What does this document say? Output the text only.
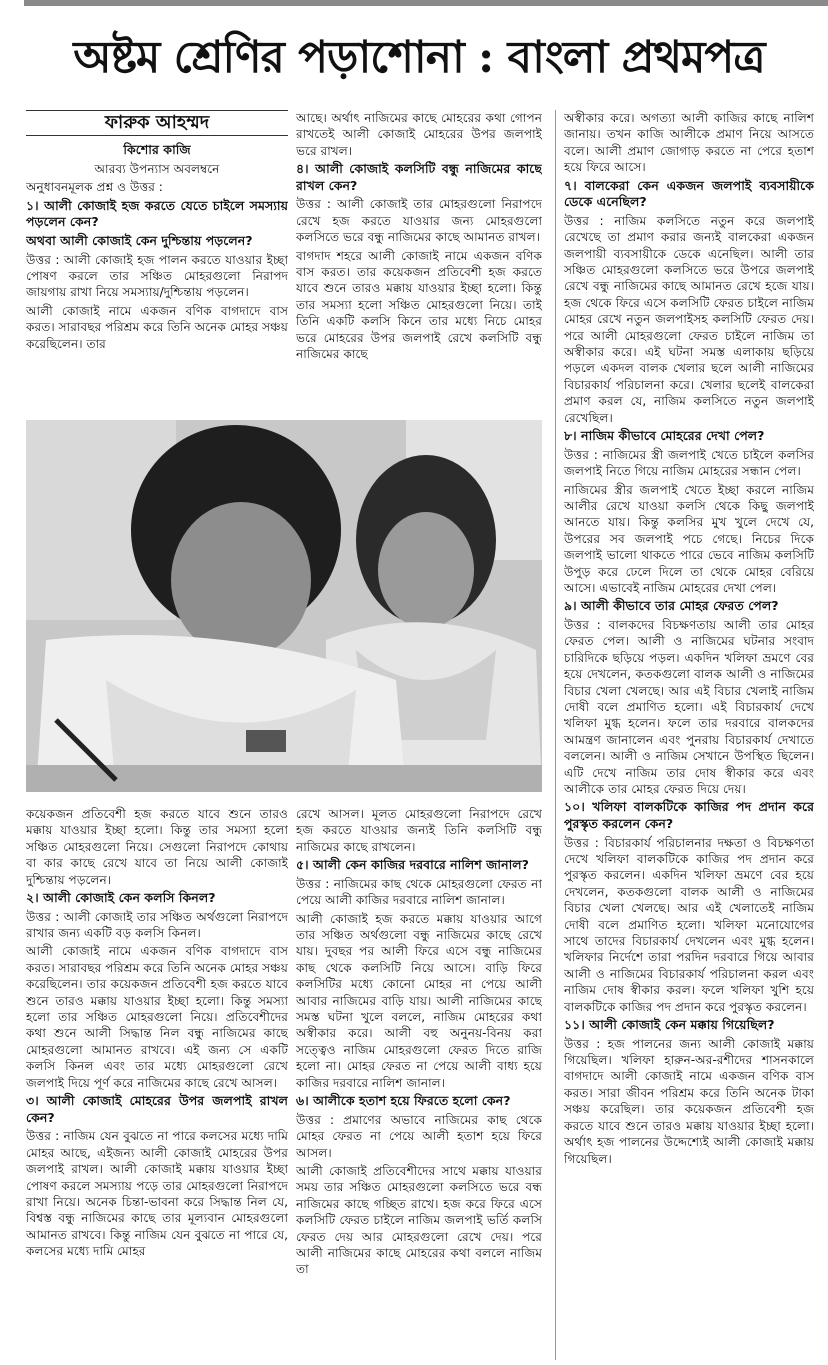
অষ্টম শ্রেণির পড়াশোনা : বাংলা প্রথমপত্র
ফারুক আহম্মদ

কিশোর কাজি

আরব্য উপন্যাস অবলম্বনে

অনুধাবনমূলক প্রশ্ন ও উত্তর :

১। আলী কোজাই হজ করতে যেতে চাইলে সমস্যায় পড়লেন কেন?

অথবা আলী কোজাই কেন দুশ্চিন্তায় পড়লেন?

উত্তর : আলী কোজাই হজ পালন করতে যাওয়ার ইচ্ছা পোষণ করলে তার সঞ্চিত মোহরগুলো নিরাপদ জায়গায় রাখা নিয়ে সমস্যায়/দুশ্চিন্তায় পড়লেন।

আলী কোজাই নামে একজন বণিক বাগদাদে বাস করত। সারাবছর পরিশ্রম করে তিনি অনেক মোহর সঞ্চয় করেছিলেন। তার

আছে। অর্থাৎ নাজিমের কাছে মোহরের কথা গোপন রাখতেই আলী কোজাই মোহরের উপর জলপাই ভরে রাখল।

৪। আলী কোজাই কলসিটি বন্ধু নাজিমের কাছে রাখল কেন?

উত্তর : আলী কোজাই তার মোহরগুলো নিরাপদে রেখে হজ করতে যাওয়ার জন্য মোহরগুলো কলসিতে ভরে বন্ধু নাজিমের কাছে আমানত রাখল।

বাগদাদ শহরে আলী কোজাই নামে একজন বণিক বাস করত। তার কয়েকজন প্রতিবেশী হজ করতে যাবে শুনে তারও মক্কায় যাওয়ার ইচ্ছা হলো। কিন্তু তার সমস্যা হলো সঞ্চিত মোহরগুলো নিয়ে। তাই তিনি একটি কলসি কিনে তার মধ্যে নিচে মোহর ভরে মোহরের উপর জলপাই রেখে কলসিটি বন্ধু নাজিমের কাছে

কয়েকজন প্রতিবেশী হজ করতে যাবে শুনে তারও মক্কায় যাওয়ার ইচ্ছা হলো। কিন্তু তার সমস্যা হলো সঞ্চিত মোহরগুলো নিয়ে। সেগুলো নিরাপদে কোথায় বা কার কাছে রেখে যাবে তা নিয়ে আলী কোজাই দুশ্চিন্তায় পড়লেন।

২। আলী কোজাই কেন কলসি কিনল?

উত্তর : আলী কোজাই তার সঞ্চিত অর্থগুলো নিরাপদে রাখার জন্য একটি বড় কলসি কিনল।

আলী কোজাই নামে একজন বণিক বাগদাদে বাস করত। সারাবছর পরিশ্রম করে তিনি অনেক মোহর সঞ্চয় করেছিলেন। তার কয়েকজন প্রতিবেশী হজ করতে যাবে শুনে তারও মক্কায় যাওয়ার ইচ্ছা হলো। কিন্তু সমস্যা হলো তার সঞ্চিত মোহরগুলো নিয়ে। প্রতিবেশীদের কথা শুনে আলী সিদ্ধান্ত নিল বন্ধু নাজিমের কাছে মোহরগুলো আমানত রাখবে। এই জন্য সে একটি কলসি কিনল এবং তার মধ্যে মোহরগুলো রেখে জলপাই দিয়ে পূর্ণ করে নাজিমের কাছে রেখে আসল।

৩। আলী কোজাই মোহরের উপর জলপাই রাখল কেন?

উত্তর : নাজিম যেন বুঝতে না পারে কলসের মধ্যে দামি মোহর আছে, এইজন্য আলী কোজাই মোহরের উপর জলপাই রাখল। আলী কোজাই মক্কায় যাওয়ার ইচ্ছা পোষণ করলে সমস্যায় পড়ে তার মোহরগুলো নিরাপদে রাখা নিয়ে। অনেক চিন্তা-ভাবনা করে সিদ্ধান্ত নিল যে, বিশ্বস্ত বন্ধু নাজিমের কাছে তার মূল্যবান মোহরগুলো আমানত রাখবে। কিন্তু নাজিম যেন বুঝতে না পারে যে, কলসের মধ্যে দামি মোহর

রেখে আসল। মূলত মোহরগুলো নিরাপদে রেখে হজ করতে যাওয়ার জন্যই তিনি কলসিটি বন্ধু নাজিমের কাছে রাখলেন।

৫। আলী কেন কাজির দরবারে নালিশ জানাল?

উত্তর : নাজিমের কাছ থেকে মোহরগুলো ফেরত না পেয়ে আলী কাজির দরবারে নালিশ জানাল।

আলী কোজাই হজ করতে মক্কায় যাওয়ার আগে তার সঞ্চিত অর্থগুলো বন্ধু নাজিমের কাছে রেখে যায়। দুবছর পর আলী ফিরে এসে বন্ধু নাজিমের কাছ থেকে কলসিটি নিয়ে আসে। বাড়ি ফিরে কলসিটির মধ্যে কোনো মোহর না পেয়ে আলী আবার নাজিমের বাড়ি যায়। আলী নাজিমের কাছে সমস্ত ঘটনা খুলে বললে, নাজিম মোহরের কথা অস্বীকার করে। আলী বহু অনুনয়-বিনয় করা সত্ত্বেও নাজিম মোহরগুলো ফেরত দিতে রাজি হলো না। মোহর ফেরত না পেয়ে আলী বাধ্য হয়ে কাজির দরবারে নালিশ জানাল।

৬। আলীকে হতাশ হয়ে ফিরতে হলো কেন?

উত্তর : প্রমাণের অভাবে নাজিমের কাছ থেকে মোহর ফেরত না পেয়ে আলী হতাশ হয়ে ফিরে আসল।

আলী কোজাই প্রতিবেশীদের সাথে মক্কায় যাওয়ার সময় তার সঞ্চিত মোহরগুলো কলসিতে ভরে বন্ধ নাজিমের কাছে গচ্ছিত রাখে। হজ করে ফিরে এসে কলসিটি ফেরত চাইলে নাজিম জলপাই ভর্তি কলসি ফেরত দেয় আর মোহরগুলো রেখে দেয়। পরে আলী নাজিমের কাছে মোহরের কথা বললে নাজিম তা

অস্বীকার করে। অগত্যা আলী কাজির কাছে নালিশ জানায়। তখন কাজি আলীকে প্রমাণ নিয়ে আসতে বলে। আলী প্রমাণ জোগাড় করতে না পেরে হতাশ হয়ে ফিরে আসে।

৭। বালকেরা কেন একজন জলপাই ব্যবসায়ীকে ডেকে এনেছিল?

উত্তর : নাজিম কলসিতে নতুন করে জলপাই রেখেছে তা প্রমাণ করার জন্যই বালকেরা একজন জলপায়ী ব্যবসায়ীকে ডেকে এনেছিল। আলী তার সঞ্চিত মোহরগুলো কলসিতে ভরে উপরে জলপাই রেখে বন্ধু নাজিমের কাছে আমানত রেখে হজে যায়। হজ থেকে ফিরে এসে কলসিটি ফেরত চাইলে নাজিম মোহর রেখে নতুন জলপাইসহ কলসিটি ফেরত দেয়। পরে আলী মোহরগুলো ফেরত চাইলে নাজিম তা অস্বীকার করে। এই ঘটনা সমস্ত এলাকায় ছড়িয়ে পড়লে একদল বালক খেলার ছলে আলী নাজিমের বিচারকার্য পরিচালনা করে। খেলার ছলেই বালকেরা প্রমাণ করল যে, নাজিম কলসিতে নতুন জলপাই রেখেছিল।

৮। নাজিম কীভাবে মোহরের দেখা পেল?

উত্তর : নাজিমের স্ত্রী জলপাই খেতে চাইলে কলসির জলপাই নিতে গিয়ে নাজিম মোহরের সন্ধান পেল।

নাজিমের স্ত্রীর জলপাই খেতে ইচ্ছা করলে নাজিম আলীর রেখে যাওয়া কলসি থেকে কিছু জলপাই আনতে যায়। কিন্তু কলসির মুখ খুলে দেখে যে, উপরের সব জলপাই পচে গেছে। নিচের দিকে জলপাই ভালো থাকতে পারে ভেবে নাজিম কলসিটি উপুড় করে ঢেলে দিলে তা থেকে মোহর বেরিয়ে আসে। এভাবেই নাজিম মোহরের দেখা পেল।

৯। আলী কীভাবে তার মোহর ফেরত পেল?

উত্তর : বালকদের বিচক্ষণতায় আলী তার মোহর ফেরত পেল। আলী ও নাজিমের ঘটনার সংবাদ চারিদিকে ছড়িয়ে পড়ল। একদিন খলিফা ভ্রমণে বের হয়ে দেখলেন, কতকগুলো বালক আলী ও নাজিমের বিচার খেলা খেলছে। আর এই বিচার খেলাই নাজিম দোষী বলে প্রমাণিত হলো। এই বিচারকার্য দেখে খলিফা মুগ্ধ হলেন। ফলে তার দরবারে বালকদের আমন্ত্রণ জানালেন এবং পুনরায় বিচারকার্য দেখাতে বললেন। আলী ও নাজিম সেখানে উপস্থিত ছিলেন। এটি দেখে নাজিম তার দোষ স্বীকার করে এবং আলীকে তার মোহর ফেরত দিয়ে দেয়।

১০। খলিফা বালকটিকে কাজির পদ প্রদান করে পুরস্কৃত করলেন কেন?

উত্তর : বিচারকার্য পরিচালনার দক্ষতা ও বিচক্ষণতা দেখে খলিফা বালকটিকে কাজির পদ প্রদান করে পুরস্কৃত করলেন। একদিন খলিফা ভ্রমণে বের হয়ে দেখলেন, কতকগুলো বালক আলী ও নাজিমের বিচার খেলা খেলছে। আর এই খেলাতেই নাজিম দোষী বলে প্রমাণিত হলো। খলিফা মনোযোগের সাথে তাদের বিচারকার্য দেখলেন এবং মুগ্ধ হলেন। খলিফার নির্দেশে তারা পরদিন দরবারে গিয়ে আবার আলী ও নাজিমের বিচারকার্য পরিচালনা করল এবং নাজিম দোষ স্বীকার করল। ফলে খলিফা খুশি হয়ে বালকটিকে কাজির পদ প্রদান করে পুরস্কৃত করলেন।

১১। আলী কোজাই কেন মক্কায় গিয়েছিল?

উত্তর : হজ পালনের জন্য আলী কোজাই মক্কায় গিয়েছিল। খলিফা হারুন-অর-রশীদের শাসনকালে বাগদাদে আলী কোজাই নামে একজন বণিক বাস করত। সারা জীবন পরিশ্রম করে তিনি অনেক টাকা সঞ্চয় করেছিল। তার কয়েকজন প্রতিবেশী হজ করতে যাবে শুনে তারও মক্কায় যাওয়ার ইচ্ছা হলো। অর্থাৎ হজ পালনের উদ্দেশ্যেই আলী কোজাই মক্কায় গিয়েছিল।
